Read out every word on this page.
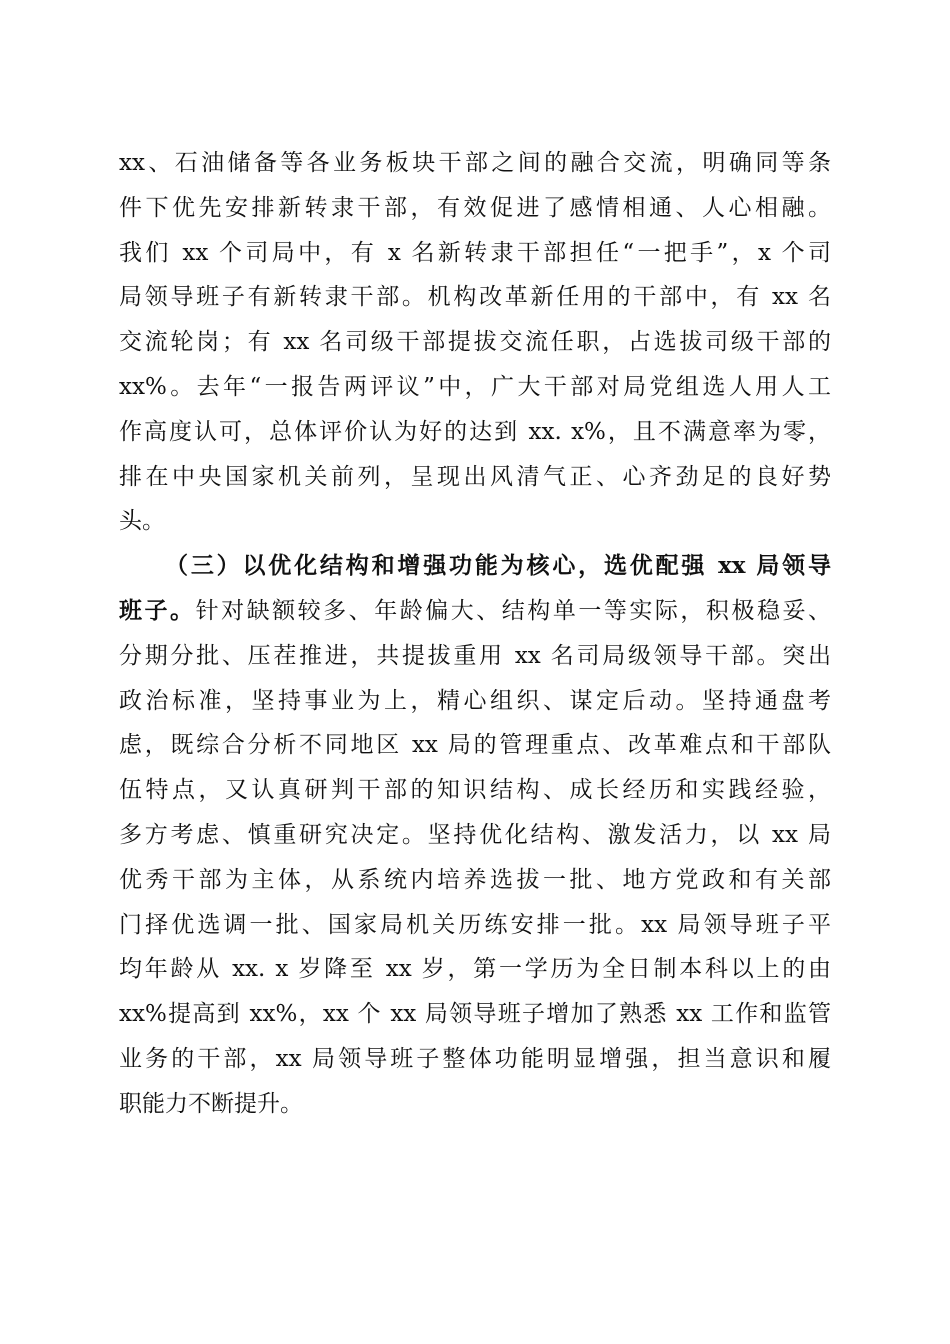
xx、石油储备等各业务板块干部之间的融合交流，明确同等条
件下优先安排新转隶干部，有效促进了感情相通、人心相融。
我们 xx 个司局中，有 x 名新转隶干部担任“一把手”，x 个司
局领导班子有新转隶干部。机构改革新任用的干部中，有 xx 名
交流轮岗；有 xx 名司级干部提拔交流任职，占选拔司级干部的
xx%。去年“一报告两评议”中，广大干部对局党组选人用人工
作高度认可，总体评价认为好的达到 xx. x%，且不满意率为零，
排在中央国家机关前列，呈现出风清气正、心齐劲足的良好势
头。
（三）以优化结构和增强功能为核心，选优配强 xx 局领导
班子。针对缺额较多、年龄偏大、结构单一等实际，积极稳妥、
分期分批、压茬推进，共提拔重用 xx 名司局级领导干部。突出
政治标准，坚持事业为上，精心组织、谋定后动。坚持通盘考
虑，既综合分析不同地区 xx 局的管理重点、改革难点和干部队
伍特点，又认真研判干部的知识结构、成长经历和实践经验，
多方考虑、慎重研究决定。坚持优化结构、激发活力，以 xx 局
优秀干部为主体，从系统内培养选拔一批、地方党政和有关部
门择优选调一批、国家局机关历练安排一批。xx 局领导班子平
均年龄从 xx. x 岁降至 xx 岁，第一学历为全日制本科以上的由
xx%提高到 xx%，xx 个 xx 局领导班子增加了熟悉 xx 工作和监管
业务的干部，xx 局领导班子整体功能明显增强，担当意识和履
职能力不断提升。
